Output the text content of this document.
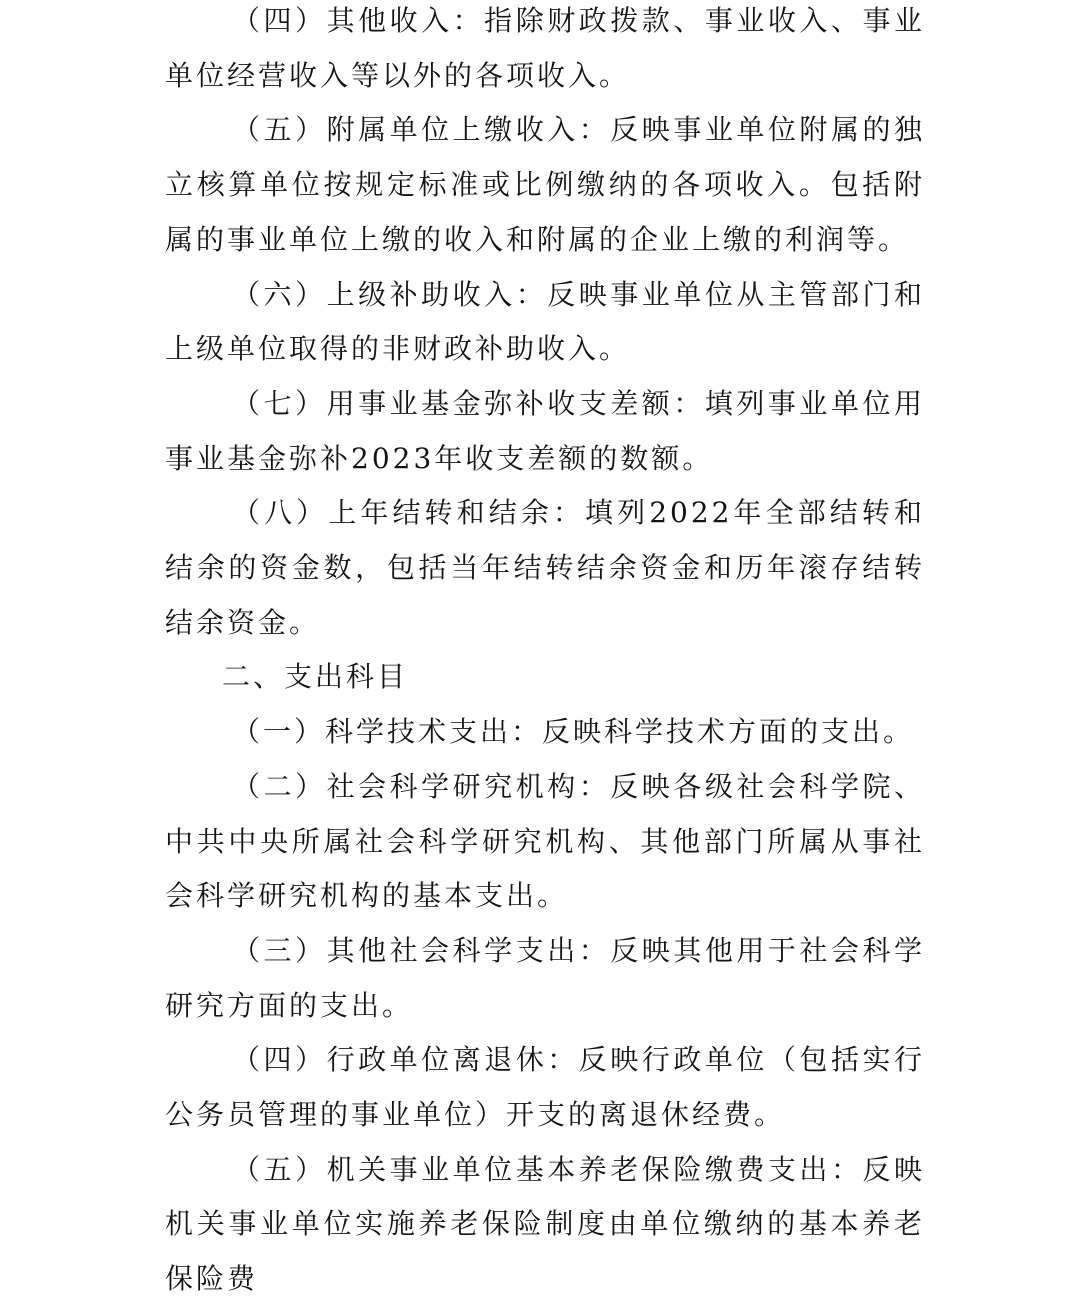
（四）其他收入：指除财政拨款、事业收入、事业单位经营收入等以外的各项收入。

（五）附属单位上缴收入：反映事业单位附属的独立核算单位按规定标准或比例缴纳的各项收入。包括附属的事业单位上缴的收入和附属的企业上缴的利润等。

（六）上级补助收入：反映事业单位从主管部门和上级单位取得的非财政补助收入。

（七）用事业基金弥补收支差额：填列事业单位用事业基金弥补2023年收支差额的数额。

（八）上年结转和结余：填列2022年全部结转和结余的资金数，包括当年结转结余资金和历年滚存结转结余资金。

二、支出科目

（一）科学技术支出：反映科学技术方面的支出。

（二）社会科学研究机构：反映各级社会科学院、中共中央所属社会科学研究机构、其他部门所属从事社会科学研究机构的基本支出。

（三）其他社会科学支出：反映其他用于社会科学研究方面的支出。

（四）行政单位离退休：反映行政单位（包括实行公务员管理的事业单位）开支的离退休经费。

（五）机关事业单位基本养老保险缴费支出：反映机关事业单位实施养老保险制度由单位缴纳的基本养老保险费
